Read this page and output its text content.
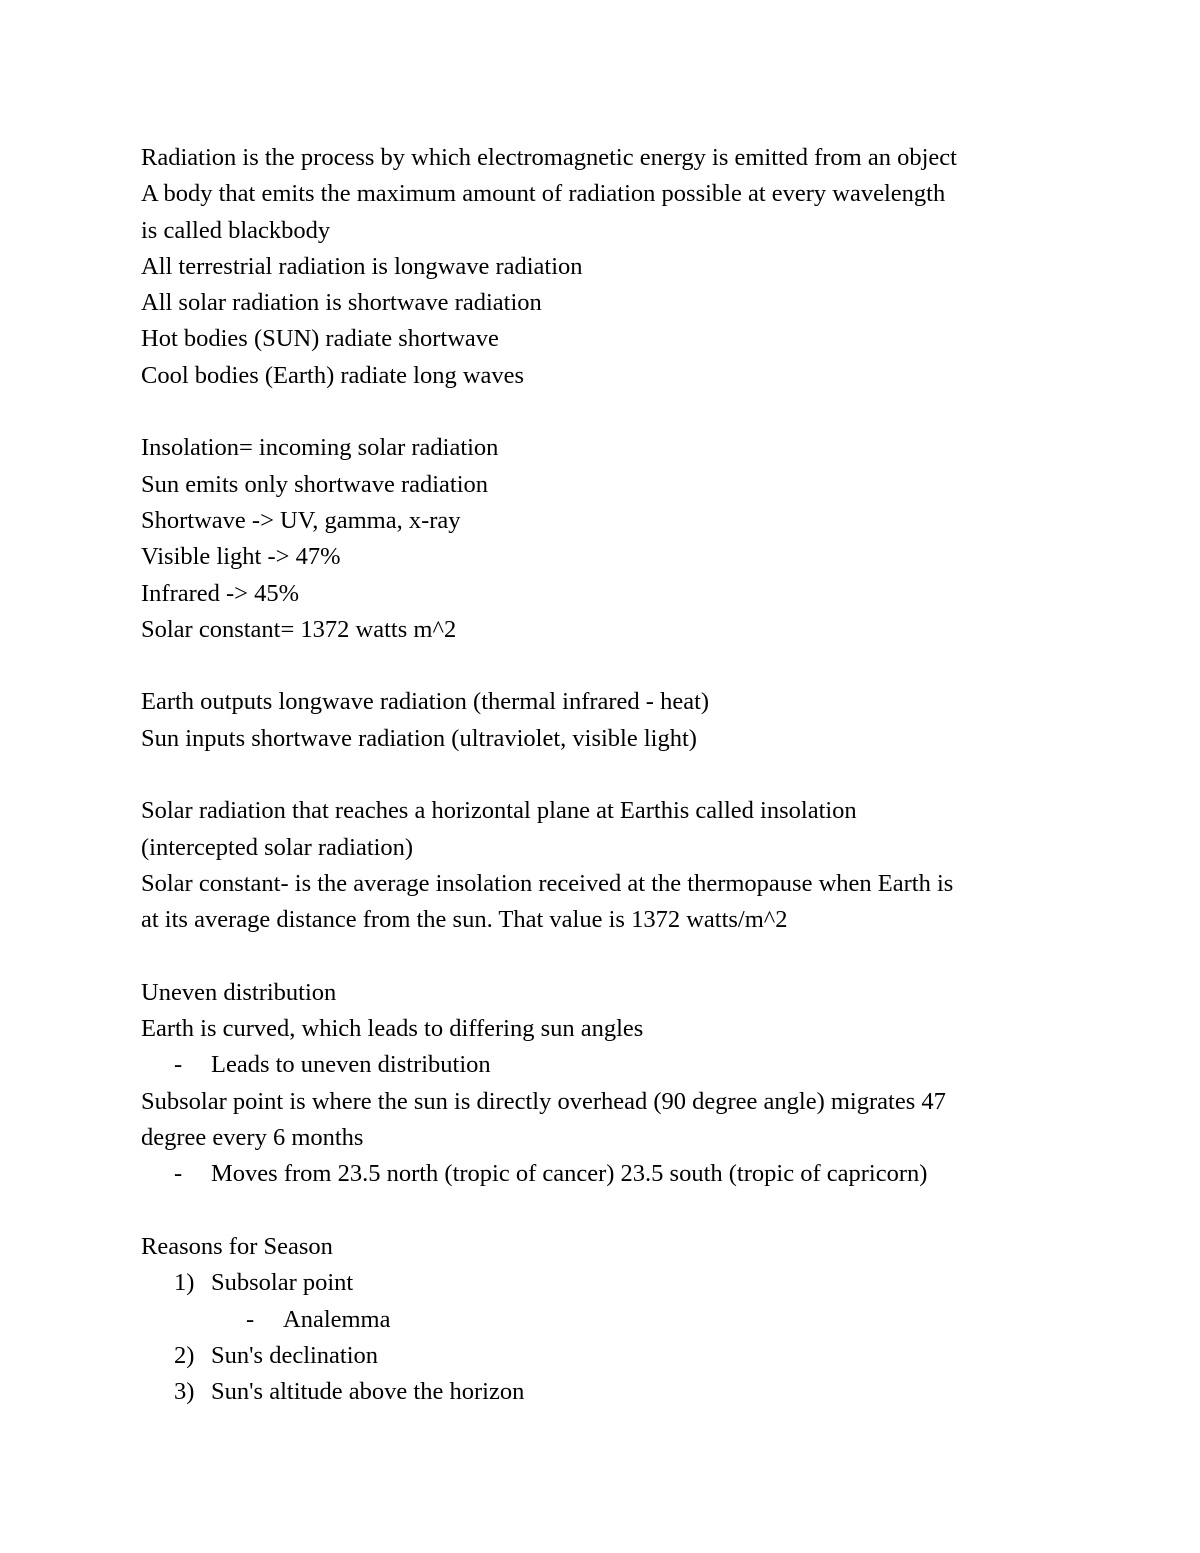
Radiation is the process by which electromagnetic energy is emitted from an object
A body that emits the maximum amount of radiation possible at every wavelength
is called blackbody
All terrestrial radiation is longwave radiation
All solar radiation is shortwave radiation
Hot bodies (SUN) radiate shortwave
Cool bodies (Earth) radiate long waves
Insolation= incoming solar radiation
Sun emits only shortwave radiation
Shortwave -> UV, gamma, x-ray
Visible light -> 47%
Infrared -> 45%
Solar constant= 1372 watts m^2
Earth outputs longwave radiation (thermal infrared - heat)
Sun inputs shortwave radiation (ultraviolet, visible light)
Solar radiation that reaches a horizontal plane at Earthis called insolation
(intercepted solar radiation)
Solar constant- is the average insolation received at the thermopause when Earth is
at its average distance from the sun. That value is 1372 watts/m^2
Uneven distribution
Earth is curved, which leads to differing sun angles
- Leads to uneven distribution
Subsolar point is where the sun is directly overhead (90 degree angle) migrates 47
degree every 6 months
- Moves from 23.5 north (tropic of cancer) 23.5 south (tropic of capricorn)
Reasons for Season
1) Subsolar point
- Analemma
2) Sun's declination
3) Sun's altitude above the horizon
